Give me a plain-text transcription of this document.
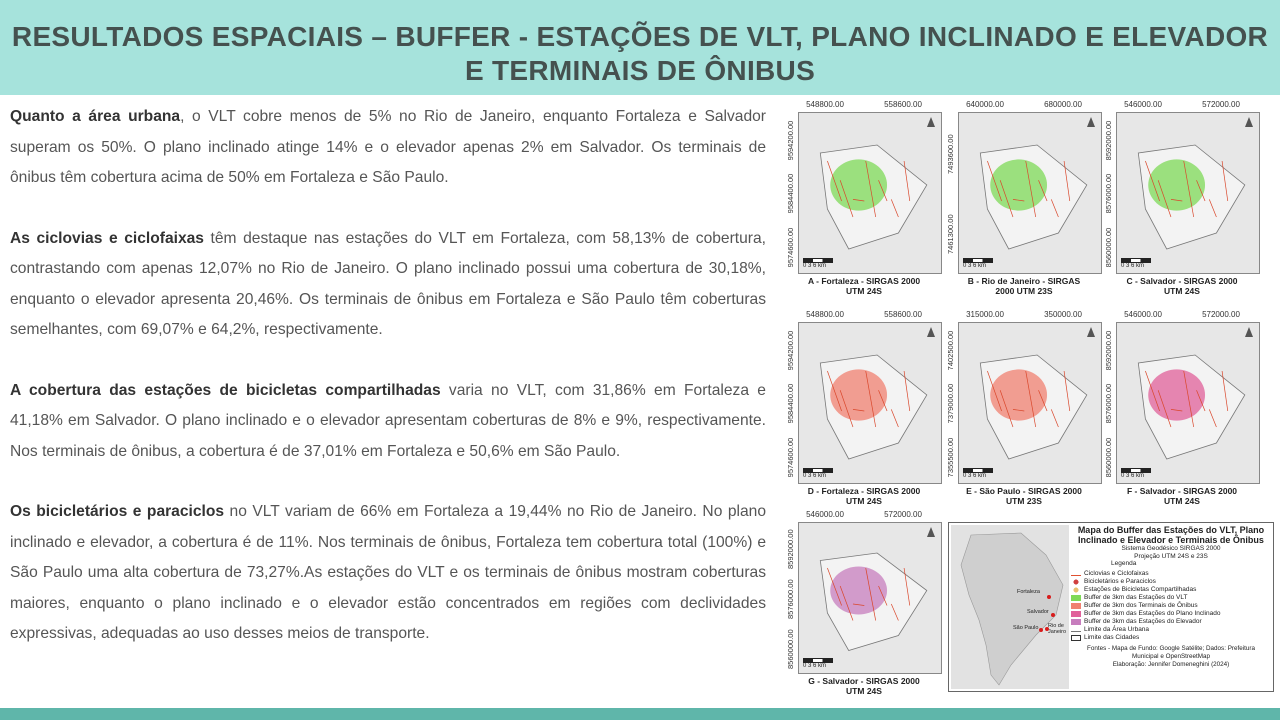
RESULTADOS ESPACIAIS – BUFFER - ESTAÇÕES DE VLT, PLANO INCLINADO E ELEVADOR E TERMINAIS DE ÔNIBUS

Quanto a área urbana, o VLT cobre menos de 5% no Rio de Janeiro, enquanto Fortaleza e Salvador superam os 50%. O plano inclinado atinge 14% e o elevador apenas 2% em Salvador. Os terminais de ônibus têm cobertura acima de 50% em Fortaleza e São Paulo.

As ciclovias e ciclofaixas têm destaque nas estações do VLT em Fortaleza, com 58,13% de cobertura, contrastando com apenas 12,07% no Rio de Janeiro. O plano inclinado possui uma cobertura de 30,18%, enquanto o elevador apresenta 20,46%. Os terminais de ônibus em Fortaleza e São Paulo têm coberturas semelhantes, com 69,07% e 64,2%, respectivamente.

A cobertura das estações de bicicletas compartilhadas varia no VLT, com 31,86% em Fortaleza e 41,18% em Salvador. O plano inclinado e o elevador apresentam coberturas de 8% e 9%, respectivamente. Nos terminais de ônibus, a cobertura é de 37,01% em Fortaleza e 50,6% em São Paulo.

Os bicicletários e paraciclos no VLT variam de 66% em Fortaleza a 19,44% no Rio de Janeiro. No plano inclinado e elevador, a cobertura é de 11%. Nos terminais de ônibus, Fortaleza tem cobertura total (100%) e São Paulo uma alta cobertura de 73,27%.As estações do VLT e os terminais de ônibus mostram coberturas maiores, enquanto o plano inclinado e o elevador estão concentrados em regiões com declividades expressivas, adequadas ao uso desses meios de transporte.

548800.00	558600.00
0 3 6 km
9594200.00
9584400.00
9574600.00
A - Fortaleza - SIRGAS 2000
UTM 24S
640000.00	680000.00
0 3 6 km
7493600.00
7461300.00
B - Rio de Janeiro - SIRGAS
2000 UTM 23S
546000.00	572000.00
0 3 6 km
8592000.00
8576000.00
8560000.00
C - Salvador - SIRGAS 2000
UTM 24S
548800.00	558600.00
0 3 6 km
9594200.00
9584400.00
9574600.00
D - Fortaleza - SIRGAS 2000
UTM 24S
315000.00	350000.00
0 3 6 km
7402500.00
7379000.00
7355500.00
E - São Paulo - SIRGAS 2000
UTM 23S
546000.00	572000.00
0 3 6 km
8592000.00
8576000.00
8560000.00
F - Salvador - SIRGAS 2000
UTM 24S
546000.00	572000.00
0 3 6 km
8592000.00
8576000.00
8560000.00
G - Salvador - SIRGAS 2000
UTM 24S
Fortaleza
Salvador
São Paulo Rio de Janeiro
Mapa do Buffer das Estações do VLT, Plano Inclinado e Elevador e Terminais de Ônibus
Sistema Geodésico SIRGAS 2000
Projeção UTM 24S e 23S
Legenda
Ciclovias e Ciclofaixas
Bicicletários e Paraciclos
Estações de Bicicletas Compartilhadas
Buffer de 3km das Estações do VLT
Buffer de 3km dos Terminais de Ônibus
Buffer de 3km das Estações do Plano Inclinado
Buffer de 3km das Estações do Elevador
Limite da Área Urbana
Limite das Cidades
Fontes - Mapa de Fundo: Google Satélite; Dados: Prefeitura
Municipal e OpenStreetMap
Elaboração: Jennifer Domeneghini (2024)
